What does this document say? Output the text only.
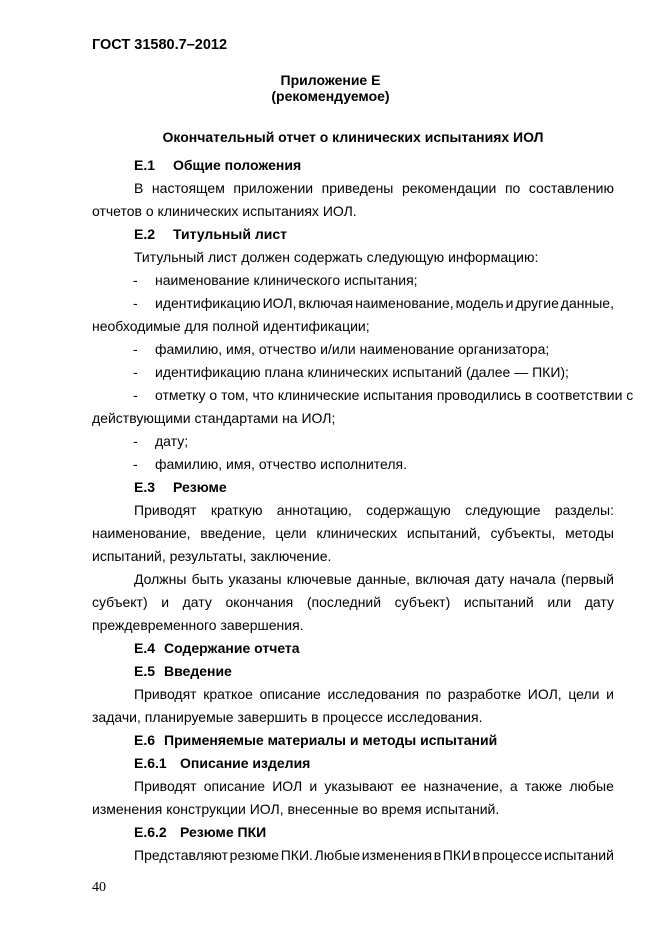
ГОСТ 31580.7–2012
Приложение Е
(рекомендуемое)
Окончательный отчет о клинических испытаниях ИОЛ
Е.1 Общие положения
В настоящем приложении приведены рекомендации по составлению
отчетов о клинических испытаниях ИОЛ.
Е.2 Титульный лист
Титульный лист должен содержать следующую информацию:
- наименование клинического испытания;
- идентификацию ИОЛ, включая наименование, модель и другие данные,
необходимые для полной идентификации;
- фамилию, имя, отчество и/или наименование организатора;
- идентификацию плана клинических испытаний (далее — ПКИ);
- отметку о том, что клинические испытания проводились в соответствии с
действующими стандартами на ИОЛ;
- дату;
- фамилию, имя, отчество исполнителя.
Е.3 Резюме
Приводят краткую аннотацию, содержащую следующие разделы:
наименование, введение, цели клинических испытаний, субъекты, методы
испытаний, результаты, заключение.
Должны быть указаны ключевые данные, включая дату начала (первый
субъект) и дату окончания (последний субъект) испытаний или дату
преждевременного завершения.
Е.4 Содержание отчета
Е.5 Введение
Приводят краткое описание исследования по разработке ИОЛ, цели и
задачи, планируемые завершить в процессе исследования.
Е.6 Применяемые материалы и методы испытаний
Е.6.1 Описание изделия
Приводят описание ИОЛ и указывают ее назначение, а также любые
изменения конструкции ИОЛ, внесенные во время испытаний.
Е.6.2 Резюме ПКИ
Представляют резюме ПКИ. Любые изменения в ПКИ в процессе испытаний
40
